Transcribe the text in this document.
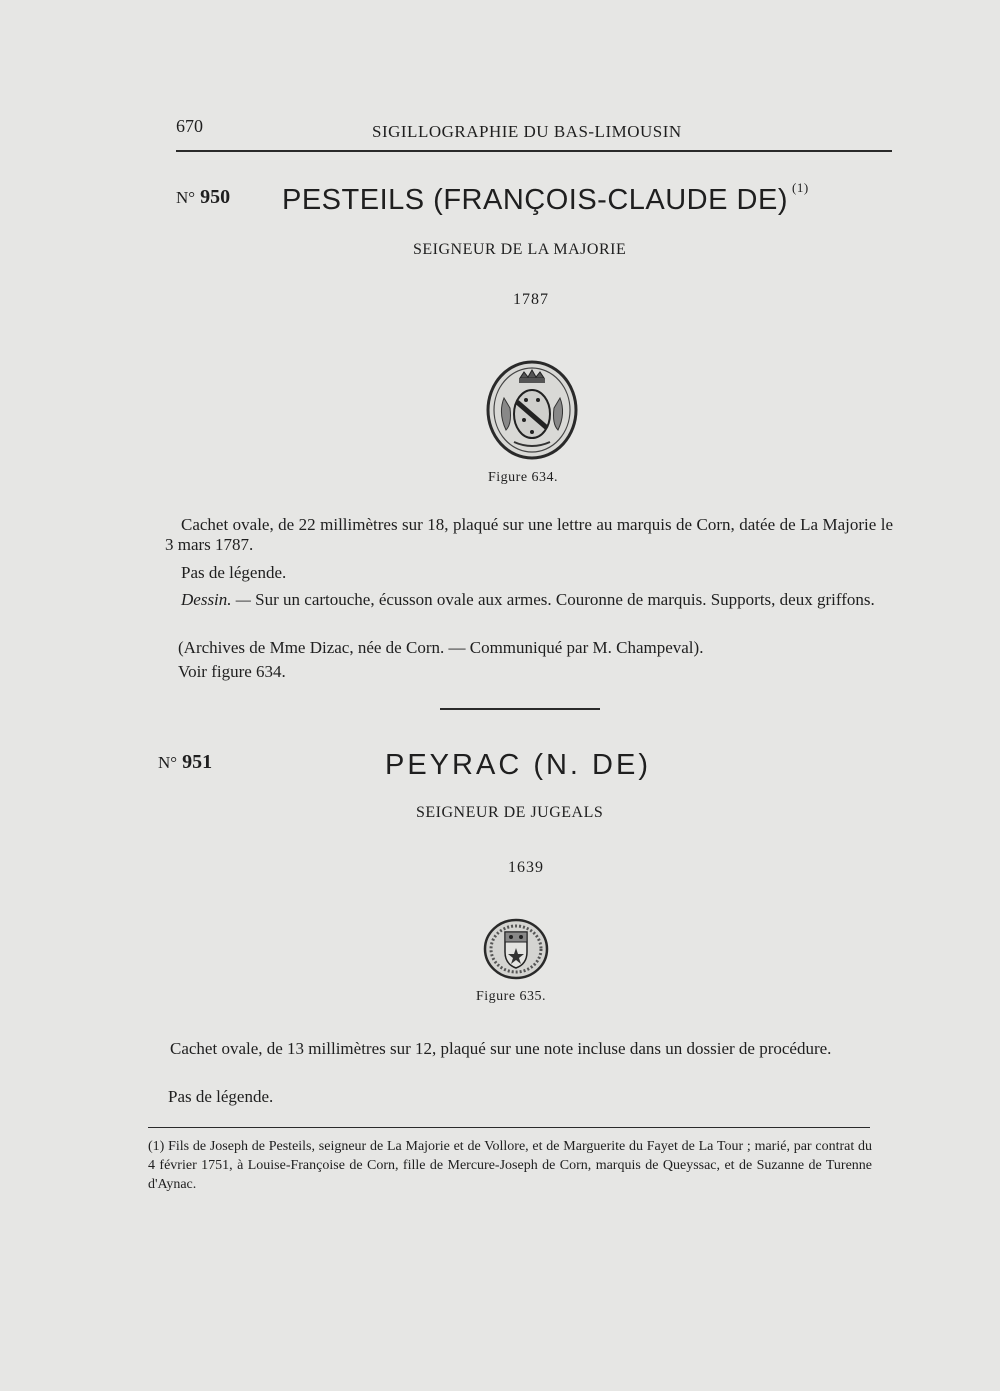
670	SIGILLOGRAPHIE DU BAS-LIMOUSIN
N° 950 PESTEILS (FRANÇOIS-CLAUDE DE) $^{(1)}$
SEIGNEUR DE LA MAJORIE
1787
Figure 634.

Cachet ovale, de 22 millimètres sur 18, plaqué sur une lettre au marquis de Corn, datée de La Majorie le 3 mars 1787.

Pas de légende.

Dessin. — Sur un cartouche, écusson ovale aux armes. Couronne de marquis. Supports, deux griffons.

(Archives de Mme Dizac, née de Corn. — Communiqué par M. Champeval).

Voir figure 634.

N° 951	PEYRAC (N. DE)
SEIGNEUR DE JUGEALS
1639
Figure 635.

Cachet ovale, de 13 millimètres sur 12, plaqué sur une note incluse dans un dossier de procédure.

Pas de légende.

(1) Fils de Joseph de Pesteils, seigneur de La Majorie et de Vollore, et de Marguerite du Fayet de La Tour ; marié, par contrat du 4 février 1751, à Louise-Françoise de Corn, fille de Mercure-Joseph de Corn, marquis de Queyssac, et de Suzanne de Turenne d'Aynac.
